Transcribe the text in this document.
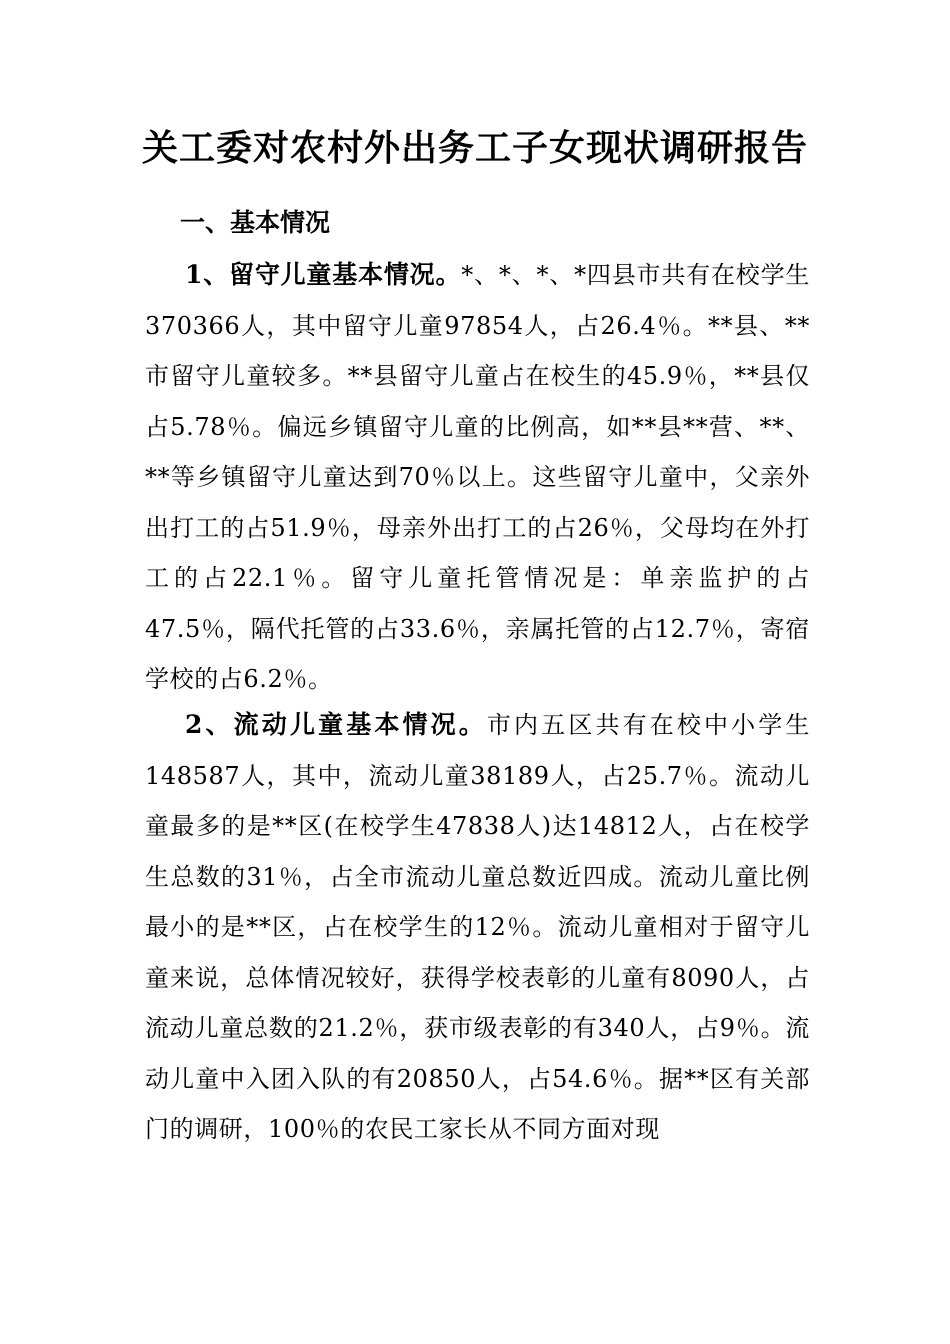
关工委对农村外出务工子女现状调研报告
一、基本情况

1、留守儿童基本情况。*、*、*、*四县市共有在校学生370366人，其中留守儿童97854人，占26.4％。**县、**市留守儿童较多。**县留守儿童占在校生的45.9％，**县仅占5.78％。偏远乡镇留守儿童的比例高，如**县**营、**、**等乡镇留守儿童达到70％以上。这些留守儿童中，父亲外出打工的占51.9％，母亲外出打工的占26％，父母均在外打工的占22.1％。留守儿童托管情况是：单亲监护的占47.5％，隔代托管的占33.6％，亲属托管的占12.7％，寄宿学校的占6.2％。

2、流动儿童基本情况。市内五区共有在校中小学生148587人，其中，流动儿童38189人，占25.7％。流动儿童最多的是**区(在校学生47838人)达14812人，占在校学生总数的31％，占全市流动儿童总数近四成。流动儿童比例最小的是**区，占在校学生的12％。流动儿童相对于留守儿童来说，总体情况较好，获得学校表彰的儿童有8090人，占流动儿童总数的21.2％，获市级表彰的有340人，占9％。流动儿童中入团入队的有20850人，占54.6％。据**区有关部门的调研，100％的农民工家长从不同方面对现
